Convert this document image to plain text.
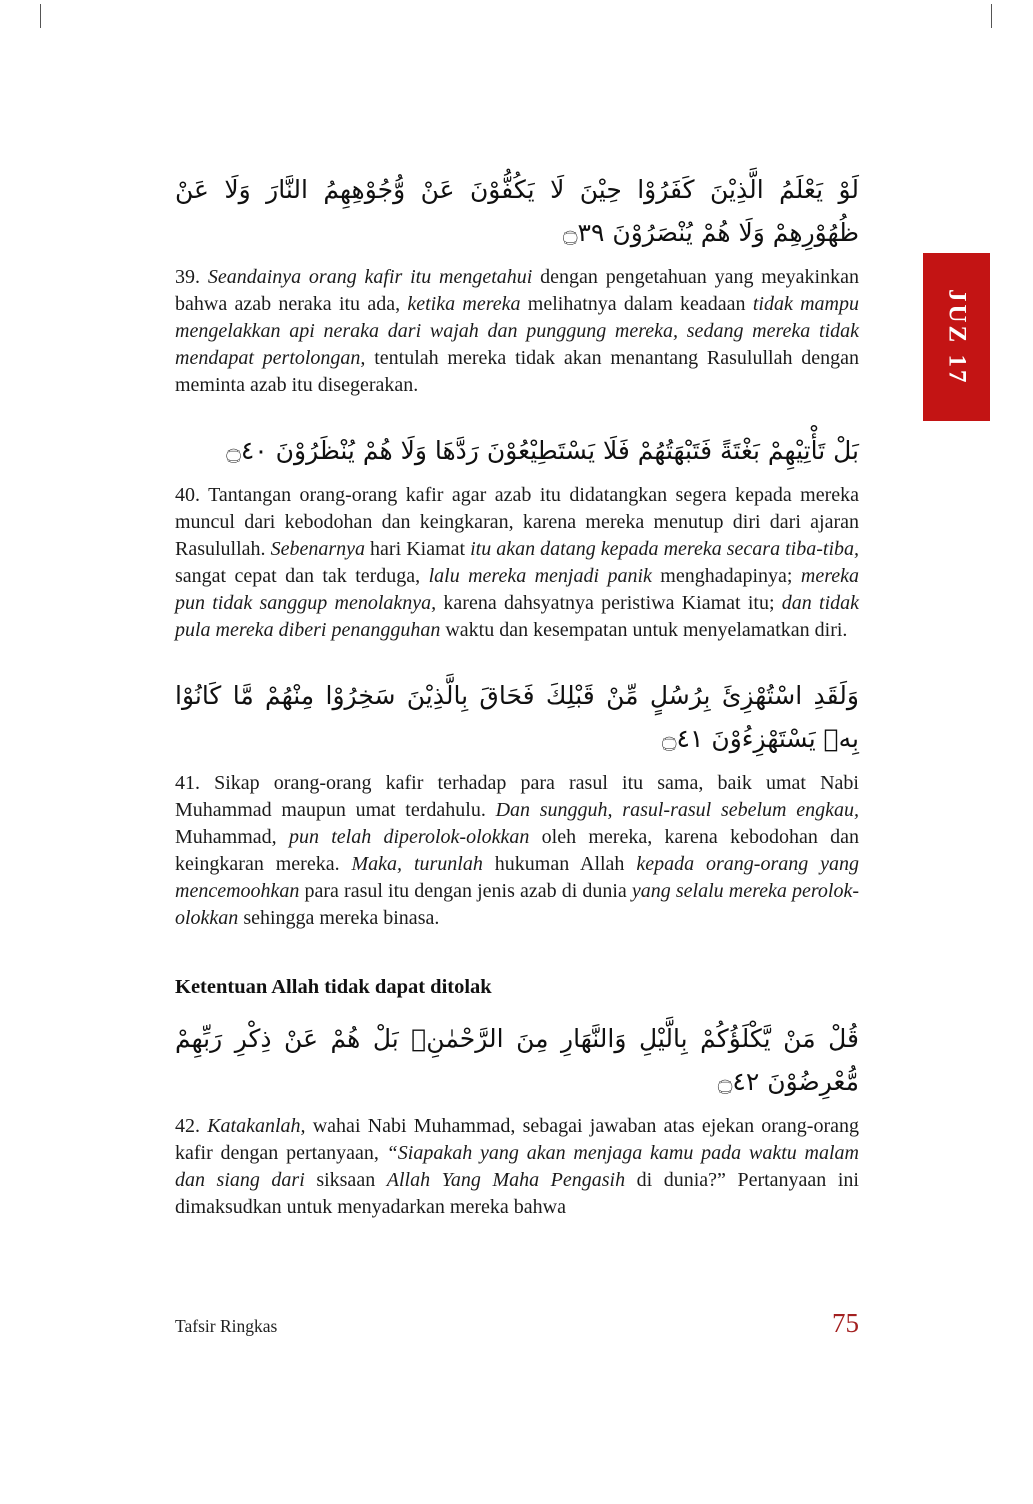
JUZ 17
لَوْ يَعْلَمُ الَّذِيْنَ كَفَرُوْا حِيْنَ لَا يَكُفُّوْنَ عَنْ وُّجُوْهِهِمُ النَّارَ وَلَا عَنْ ظُهُوْرِهِمْ وَلَا هُمْ يُنْصَرُوْنَ ۝٣٩

39. Seandainya orang kafir itu mengetahui dengan pengetahuan yang meyakinkan bahwa azab neraka itu ada, ketika mereka melihatnya dalam keadaan tidak mampu mengelakkan api neraka dari wajah dan punggung mereka, sedang mereka tidak mendapat pertolongan, tentulah mereka tidak akan menantang Rasulullah dengan meminta azab itu disegerakan.

بَلْ تَأْتِيْهِمْ بَغْتَةً فَتَبْهَتُهُمْ فَلَا يَسْتَطِيْعُوْنَ رَدَّهَا وَلَا هُمْ يُنْظَرُوْنَ ۝٤٠

40. Tantangan orang-orang kafir agar azab itu didatangkan segera kepada mereka muncul dari kebodohan dan keingkaran, karena mereka menutup diri dari ajaran Rasulullah. Sebenarnya hari Kiamat itu akan datang kepada mereka secara tiba-tiba, sangat cepat dan tak terduga, lalu mereka menjadi panik menghadapinya; mereka pun tidak sanggup menolaknya, karena dahsyatnya peristiwa Kiamat itu; dan tidak pula mereka diberi penangguhan waktu dan kesempatan untuk menyelamatkan diri.

وَلَقَدِ اسْتُهْزِئَ بِرُسُلٍ مِّنْ قَبْلِكَ فَحَاقَ بِالَّذِيْنَ سَخِرُوْا مِنْهُمْ مَّا كَانُوْا بِهٖ يَسْتَهْزِءُوْنَ ۝٤١

41. Sikap orang-orang kafir terhadap para rasul itu sama, baik umat Nabi Muhammad maupun umat terdahulu. Dan sungguh, rasul-rasul sebelum engkau, Muhammad, pun telah diperolok-olokkan oleh mereka, karena kebodohan dan keingkaran mereka. Maka, turunlah hukuman Allah kepada orang-orang yang mencemoohkan para rasul itu dengan jenis azab di dunia yang selalu mereka perolok-olokkan sehingga mereka binasa.

Ketentuan Allah tidak dapat ditolak
قُلْ مَنْ يَّكْلَؤُكُمْ بِالَّيْلِ وَالنَّهَارِ مِنَ الرَّحْمٰنِۗ بَلْ هُمْ عَنْ ذِكْرِ رَبِّهِمْ مُّعْرِضُوْنَ ۝٤٢

42. Katakanlah, wahai Nabi Muhammad, sebagai jawaban atas ejekan orang-orang kafir dengan pertanyaan, “Siapakah yang akan menjaga kamu pada waktu malam dan siang dari siksaan Allah Yang Maha Pengasih di dunia?” Pertanyaan ini dimaksudkan untuk menyadarkan mereka bahwa

Tafsir Ringkas	75
